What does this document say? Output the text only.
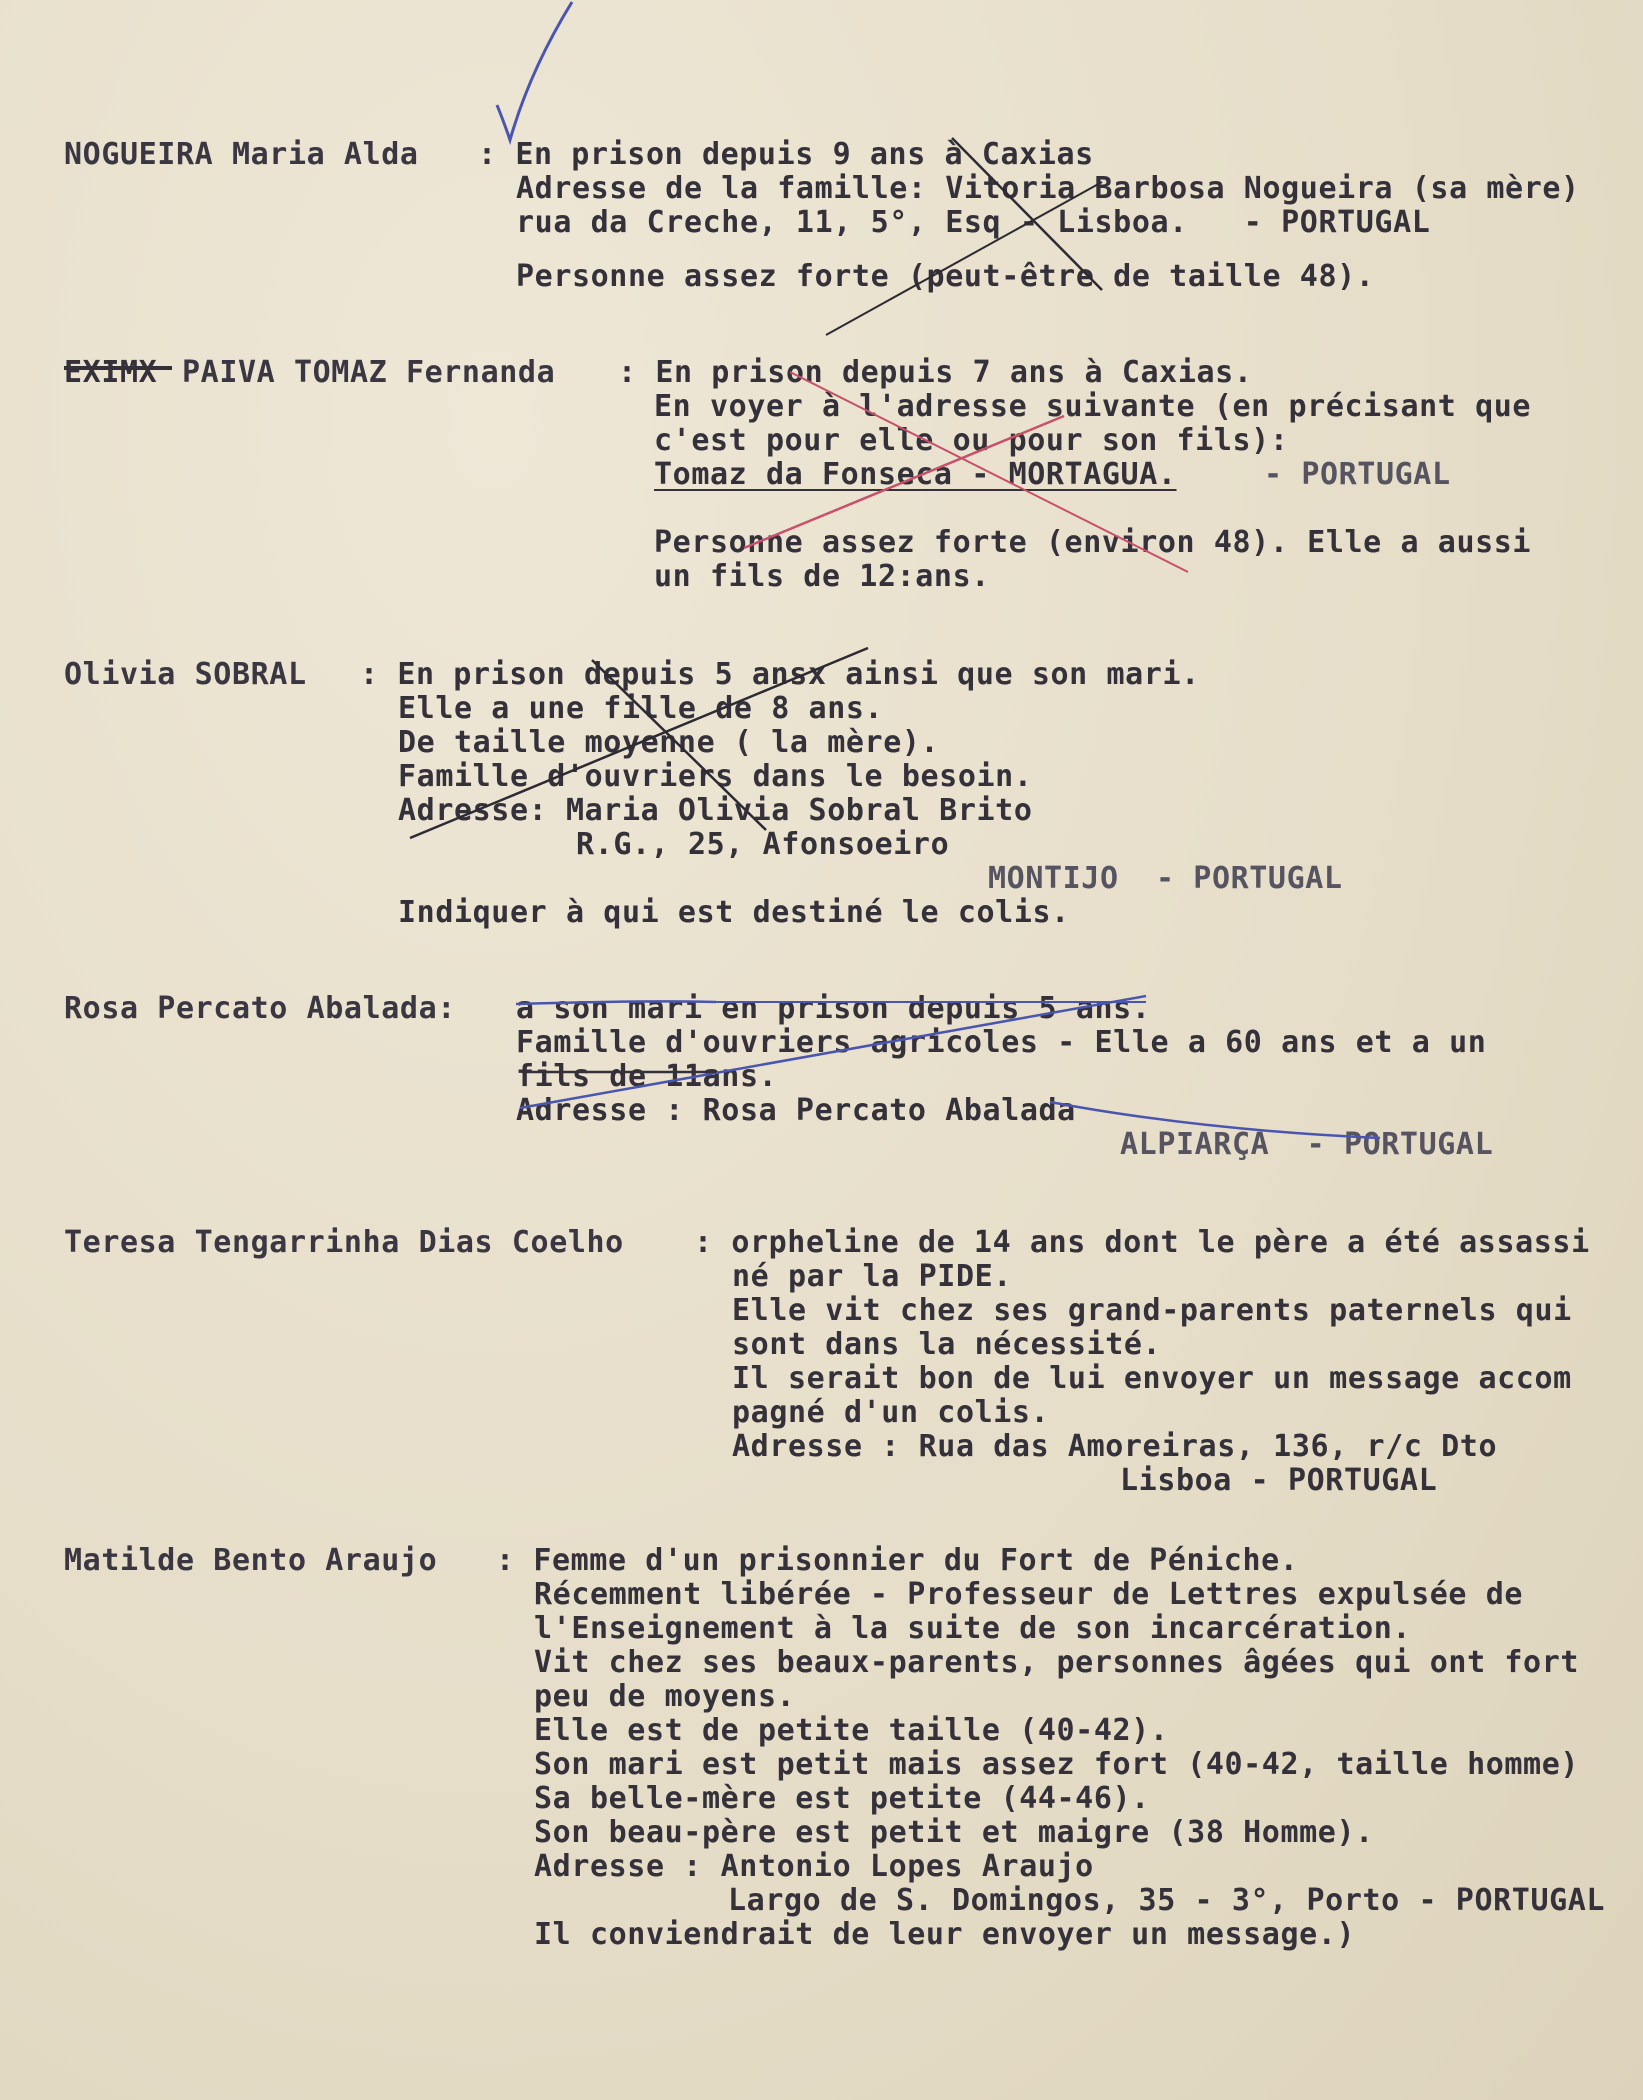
NOGUEIRA Maria Alda : En prison depuis 9 ans à Caxias
Adresse de la famille: Vitoria Barbosa Nogueira (sa mère)
rua da Creche, 11, 5°, Esq - Lisboa.   - PORTUGAL
Personne assez forte (peut-être de taille 48).
EXIMX PAIVA TOMAZ Fernanda : En prison depuis 7 ans à Caxias.
En voyer à l'adresse suivante (en précisant que
c'est pour elle ou pour son fils):
Tomaz da Fonseca - MORTAGUA.	- PORTUGAL
Personne assez forte (environ 48). Elle a aussi
un fils de 12:ans.
Olivia SOBRAL : En prison depuis 5 ansx ainsi que son mari.
Elle a une fille de 8 ans.
De taille moyenne ( la mère).
Famille d'ouvriers dans le besoin.
Adresse: Maria Olivia Sobral Brito
R.G., 25, Afonsoeiro
MONTIJO  - PORTUGAL
Indiquer à qui est destiné le colis.
Rosa Percato Abalada: a son mari en prison depuis 5 ans.
Famille d'ouvriers agricoles - Elle a 60 ans et a un
fils de 11ans.
Adresse : Rosa Percato Abalada
ALPIARÇA  - PORTUGAL
Teresa Tengarrinha Dias Coelho : orpheline de 14 ans dont le père a été assassi
né par la PIDE.
Elle vit chez ses grand-parents paternels qui
sont dans la nécessité.
Il serait bon de lui envoyer un message accom
pagné d'un colis.
Adresse : Rua das Amoreiras, 136, r/c Dto
Lisboa - PORTUGAL
Matilde Bento Araujo : Femme d'un prisonnier du Fort de Péniche.
Récemment libérée - Professeur de Lettres expulsée de
l'Enseignement à la suite de son incarcération.
Vit chez ses beaux-parents, personnes âgées qui ont fort
peu de moyens.
Elle est de petite taille (40-42).
Son mari est petit mais assez fort (40-42, taille homme)
Sa belle-mère est petite (44-46).
Son beau-père est petit et maigre (38 Homme).
Adresse : Antonio Lopes Araujo
Largo de S. Domingos, 35 - 3°, Porto - PORTUGAL
Il conviendrait de leur envoyer un message.)
